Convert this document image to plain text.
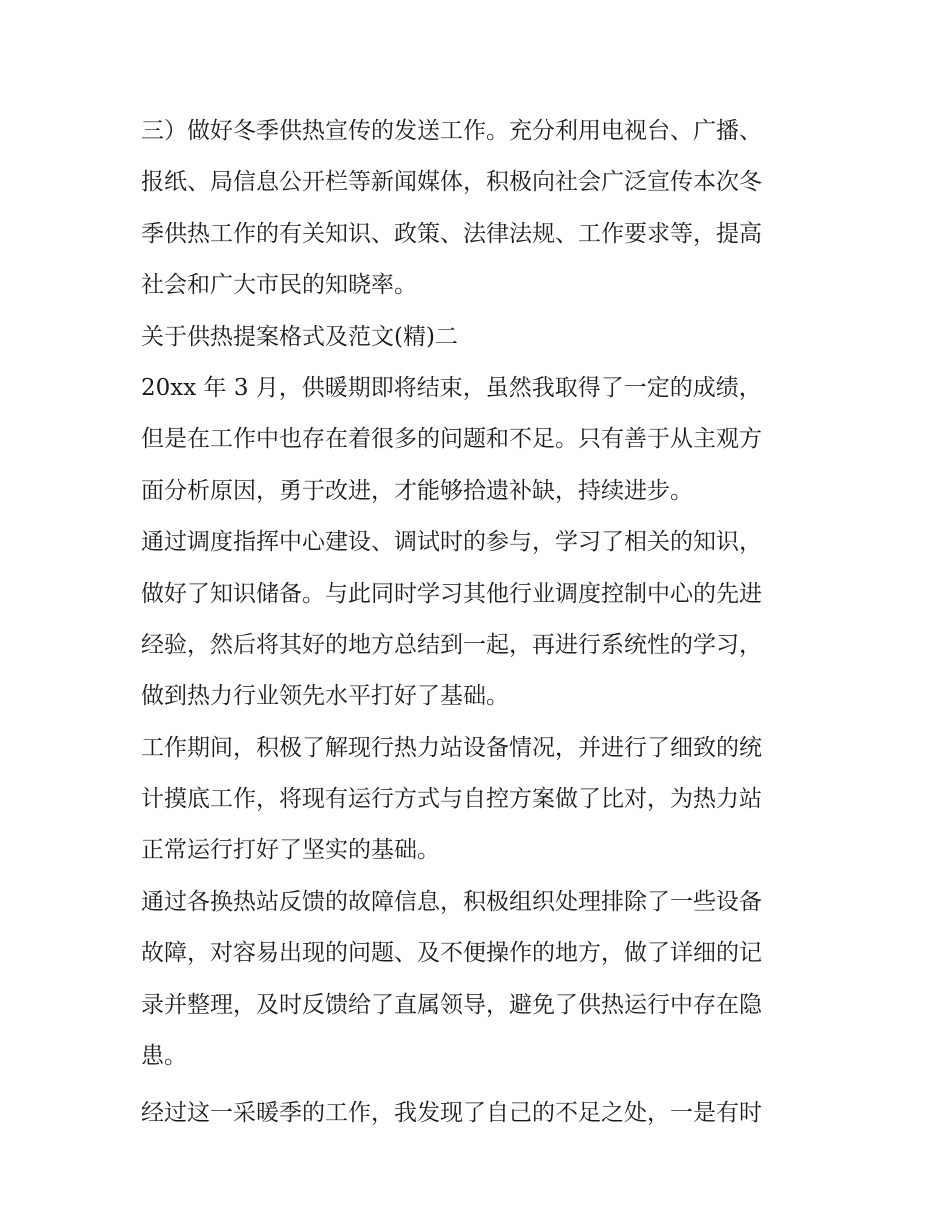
三）做好冬季供热宣传的发送工作。充分利用电视台、广播、
报纸、局信息公开栏等新闻媒体，积极向社会广泛宣传本次冬
季供热工作的有关知识、政策、法律法规、工作要求等，提高
社会和广大市民的知晓率。
关于供热提案格式及范文(精)二
20xx 年 3 月，供暖期即将结束，虽然我取得了一定的成绩，
但是在工作中也存在着很多的问题和不足。只有善于从主观方
面分析原因，勇于改进，才能够拾遗补缺，持续进步。
通过调度指挥中心建设、调试时的参与，学习了相关的知识，
做好了知识储备。与此同时学习其他行业调度控制中心的先进
经验，然后将其好的地方总结到一起，再进行系统性的学习，
做到热力行业领先水平打好了基础。
工作期间，积极了解现行热力站设备情况，并进行了细致的统
计摸底工作，将现有运行方式与自控方案做了比对，为热力站
正常运行打好了坚实的基础。
通过各换热站反馈的故障信息，积极组织处理排除了一些设备
故障，对容易出现的问题、及不便操作的地方，做了详细的记
录并整理，及时反馈给了直属领导，避免了供热运行中存在隐
患。
经过这一采暖季的工作，我发现了自己的不足之处，一是有时
